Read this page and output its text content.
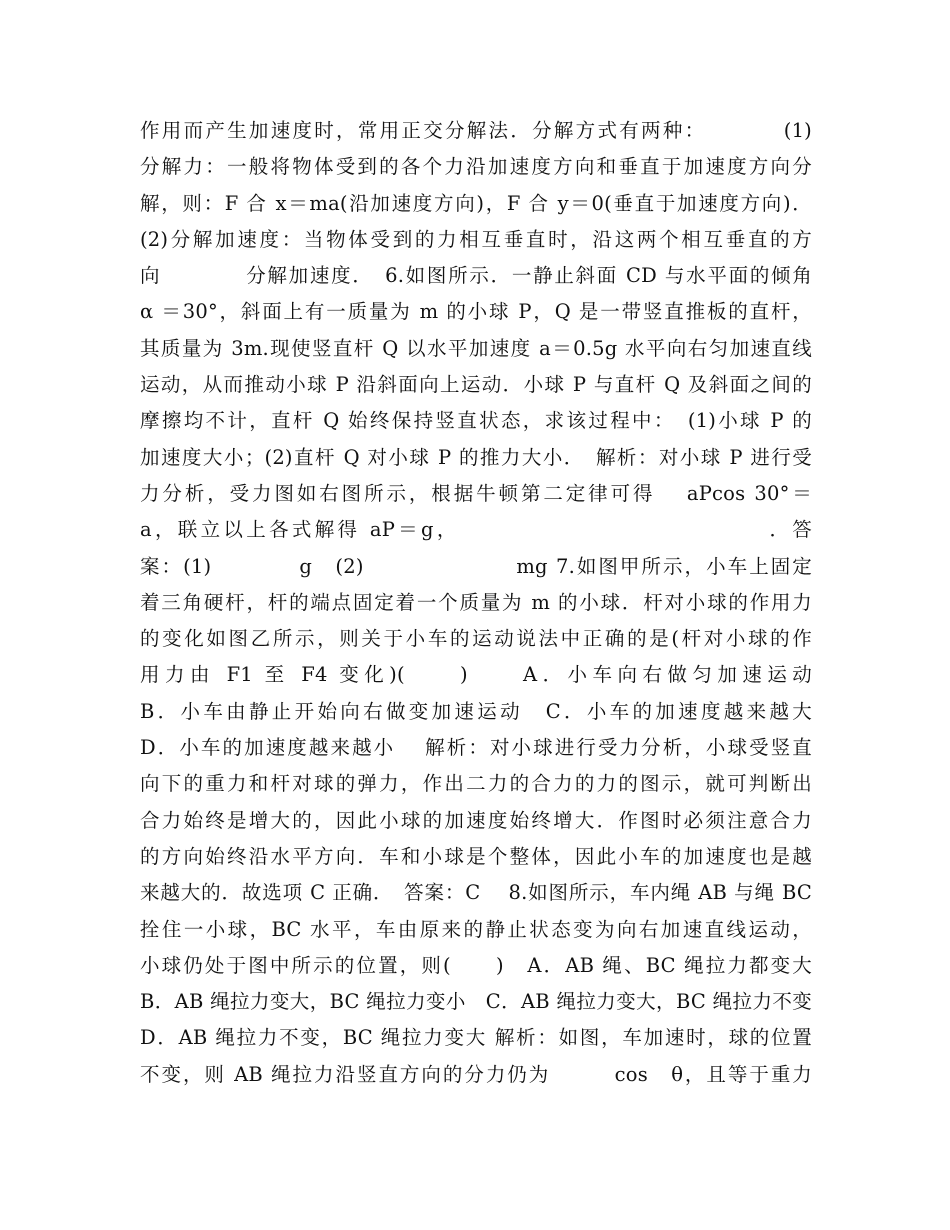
作用而产生加速度时，常用正交分解法．分解方式有两种：　　　　(1)
分解力：一般将物体受到的各个力沿加速度方向和垂直于加速度方向分
解，则：F 合 x＝ma(沿加速度方向)，F 合 y＝0(垂直于加速度方向)．
(2)分解加速度：当物体受到的力相互垂直时，沿这两个相互垂直的方
向　　　　分解加速度．　6.如图所示．一静止斜面 CD 与水平面的倾角
α ＝30°，斜面上有一质量为 m 的小球 P，Q 是一带竖直推板的直杆，
其质量为 3m.现使竖直杆 Q 以水平加速度 a＝0.5g 水平向右匀加速直线
运动，从而推动小球 P 沿斜面向上运动．小球 P 与直杆 Q 及斜面之间的
摩擦均不计，直杆 Q 始终保持竖直状态，求该过程中：　(1)小球 P 的
加速度大小；(2)直杆 Q 对小球 P 的推力大小．　解析：对小球 P 进行受
力分析，受力图如右图所示，根据牛顿第二定律可得　 aPcos 30°＝
a，联立以上各式解得 aP＝g，　　　　　　　　　　　　　　．答
案：(1)　　　　g　(2)　　　　　　　mg 7.如图甲所示，小车上固定
着三角硬杆，杆的端点固定着一个质量为 m 的小球．杆对小球的作用力
的变化如图乙所示，则关于小车的运动说法中正确的是(杆对小球的作
用力由 F1 至 F4 变化)(　　)　　A．小车向右做匀加速运动
B．小车由静止开始向右做变加速运动　C．小车的加速度越来越大
D．小车的加速度越来越小　 解析：对小球进行受力分析，小球受竖直
向下的重力和杆对球的弹力，作出二力的合力的力的图示，就可判断出
合力始终是增大的，因此小球的加速度始终增大．作图时必须注意合力
的方向始终沿水平方向．车和小球是个整体，因此小车的加速度也是越
来越大的．故选项 C 正确．　答案：C　 8.如图所示，车内绳 AB 与绳 BC
拴住一小球，BC 水平，车由原来的静止状态变为向右加速直线运动，
小球仍处于图中所示的位置，则(　　)　A．AB 绳、BC 绳拉力都变大
B．AB 绳拉力变大，BC 绳拉力变小　C．AB 绳拉力变大，BC 绳拉力不变
D．AB 绳拉力不变，BC 绳拉力变大 解析：如图，车加速时，球的位置
不变，则 AB 绳拉力沿竖直方向的分力仍为　　　cos　θ，且等于重力
